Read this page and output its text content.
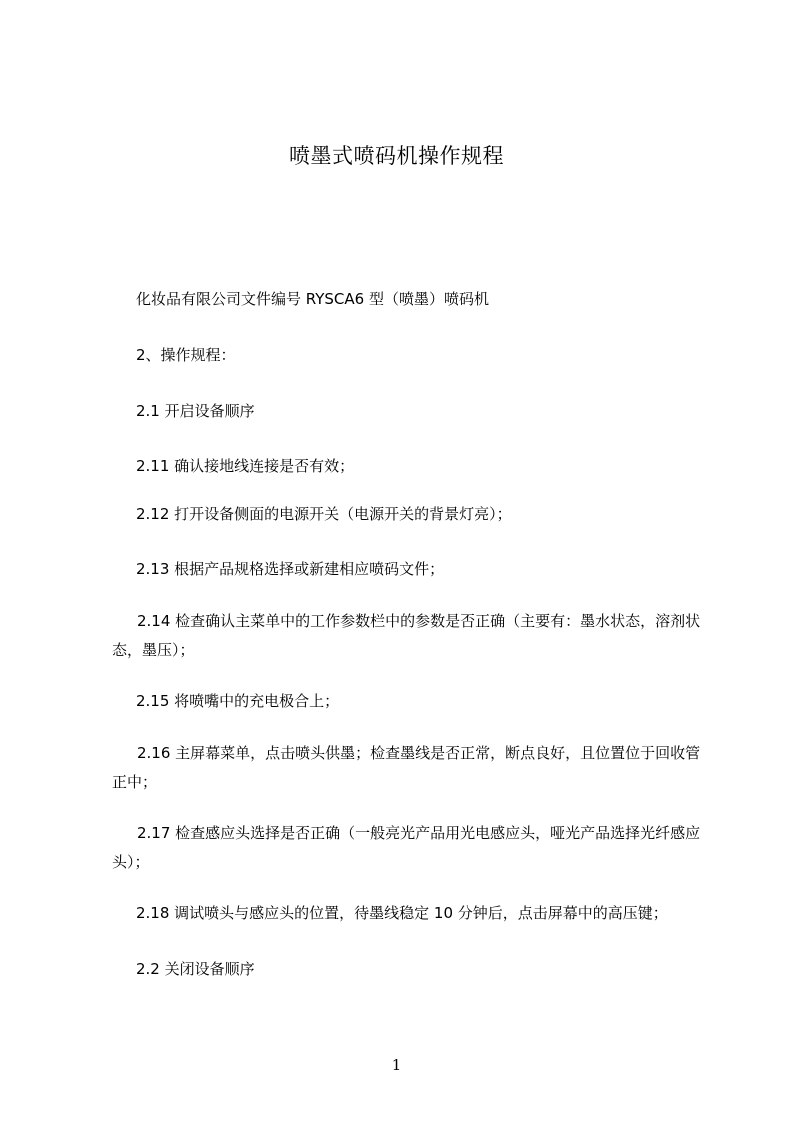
喷墨式喷码机操作规程
化妆品有限公司文件编号 RYSCA6 型（喷墨）喷码机
2、操作规程：
2.1 开启设备顺序
2.11 确认接地线连接是否有效；
2.12 打开设备侧面的电源开关（电源开关的背景灯亮）；
2.13 根据产品规格选择或新建相应喷码文件；
2.14 检查确认主菜单中的工作参数栏中的参数是否正确（主要有：墨水状态，溶剂状态，墨压）；
2.15 将喷嘴中的充电极合上；
2.16 主屏幕菜单，点击喷头供墨；检查墨线是否正常，断点良好，且位置位于回收管正中；
2.17 检查感应头选择是否正确（一般亮光产品用光电感应头，哑光产品选择光纤感应头）；
2.18 调试喷头与感应头的位置，待墨线稳定 10 分钟后，点击屏幕中的高压键；
2.2 关闭设备顺序
1
